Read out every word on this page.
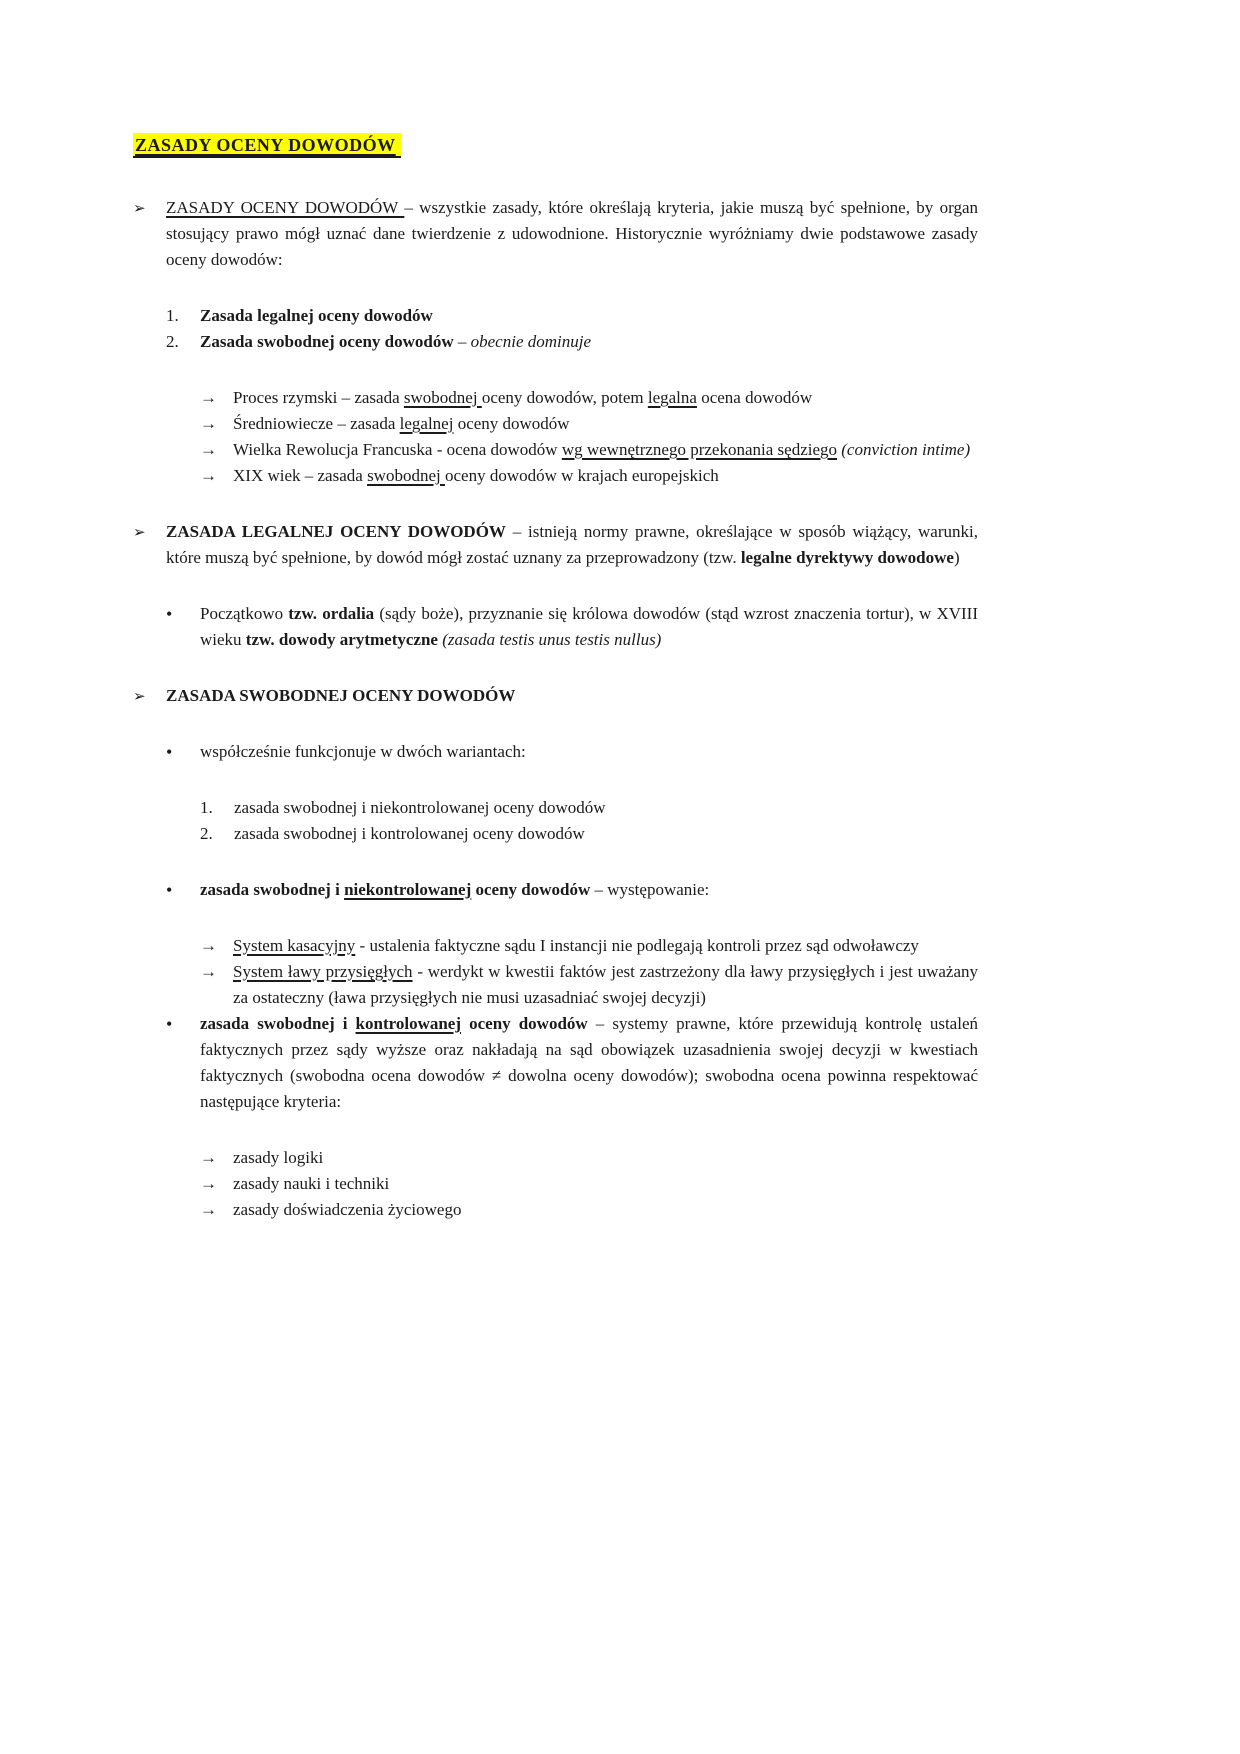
ZASADY OCENY DOWODÓW
➢ ZASADY OCENY DOWODÓW – wszystkie zasady, które określają kryteria, jakie muszą być spełnione, by organ stosujący prawo mógł uznać dane twierdzenie z udowodnione. Historycznie wyróżniamy dwie podstawowe zasady oceny dowodów:
1. Zasada legalnej oceny dowodów
2. Zasada swobodnej oceny dowodów – obecnie dominuje
→ Proces rzymski – zasada swobodnej oceny dowodów, potem legalna ocena dowodów
→ Średniowiecze – zasada legalnej oceny dowodów
→ Wielka Rewolucja Francuska - ocena dowodów wg wewnętrznego przekonania sędziego (conviction intime)
→ XIX wiek – zasada swobodnej oceny dowodów w krajach europejskich
➢ ZASADA LEGALNEJ OCENY DOWODÓW – istnieją normy prawne, określające w sposób wiążący, warunki, które muszą być spełnione, by dowód mógł zostać uznany za przeprowadzony (tzw. legalne dyrektywy dowodowe)
• Początkowo tzw. ordalia (sądy boże), przyznanie się królowa dowodów (stąd wzrost znaczenia tortur), w XVIII wieku tzw. dowody arytmetyczne (zasada testis unus testis nullus)
➢ ZASADA SWOBODNEJ OCENY DOWODÓW
• współcześnie funkcjonuje w dwóch wariantach:
1. zasada swobodnej i niekontrolowanej oceny dowodów
2. zasada swobodnej i kontrolowanej oceny dowodów
• zasada swobodnej i niekontrolowanej oceny dowodów – występowanie:
→ System kasacyjny - ustalenia faktyczne sądu I instancji nie podlegają kontroli przez sąd odwoławczy
→ System ławy przysięgłych - werdykt w kwestii faktów jest zastrzeżony dla ławy przysięgłych i jest uważany za ostateczny (ława przysięgłych nie musi uzasadniać swojej decyzji)
• zasada swobodnej i kontrolowanej oceny dowodów – systemy prawne, które przewidują kontrolę ustaleń faktycznych przez sądy wyższe oraz nakładają na sąd obowiązek uzasadnienia swojej decyzji w kwestiach faktycznych (swobodna ocena dowodów ≠ dowolna oceny dowodów); swobodna ocena powinna respektować następujące kryteria:
→ zasady logiki
→ zasady nauki i techniki
→ zasady doświadczenia życiowego
